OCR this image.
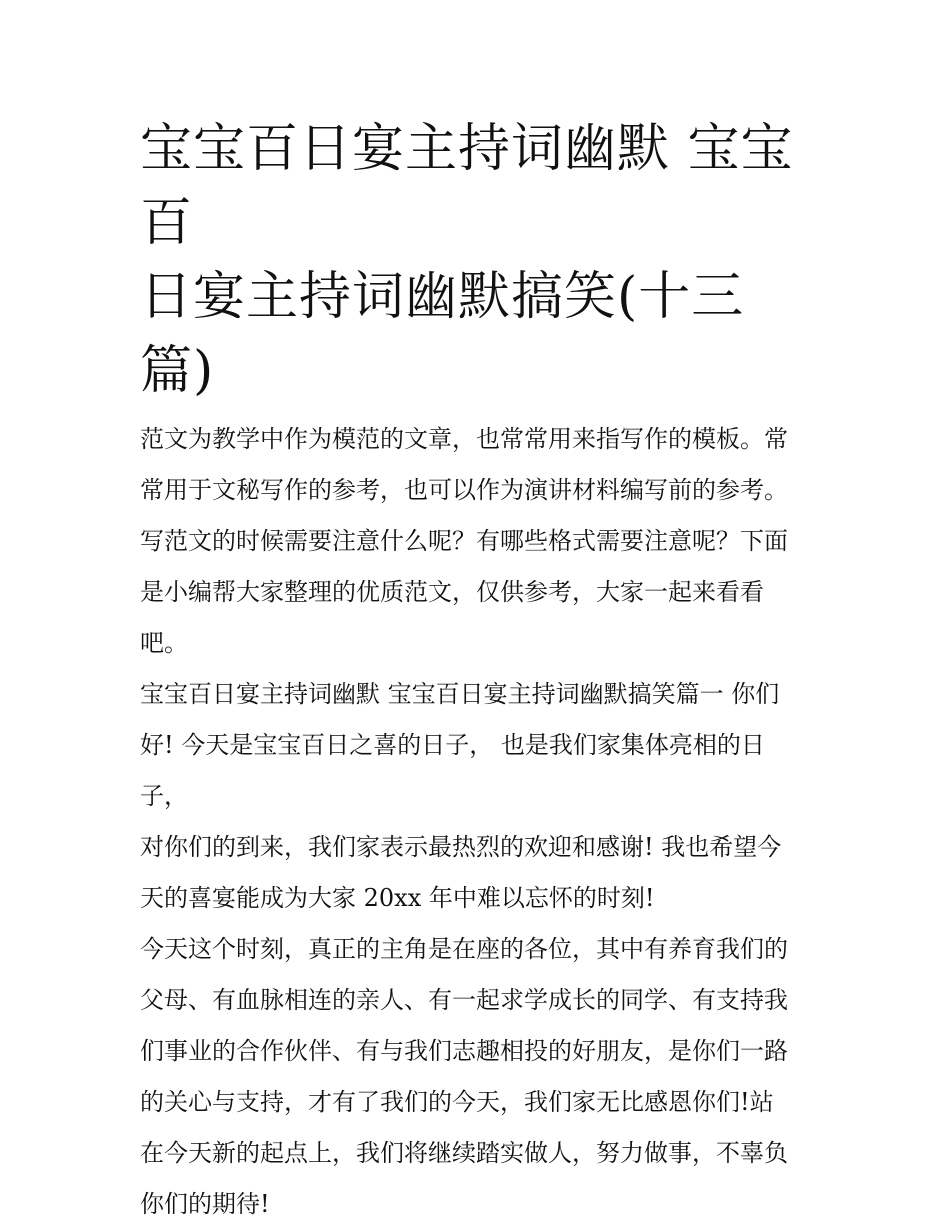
宝宝百日宴主持词幽默 宝宝百
日宴主持词幽默搞笑(十三篇)
范文为教学中作为模范的文章，也常常用来指写作的模板。常
常用于文秘写作的参考，也可以作为演讲材料编写前的参考。
写范文的时候需要注意什么呢？有哪些格式需要注意呢？下面
是小编帮大家整理的优质范文，仅供参考，大家一起来看看
吧。
宝宝百日宴主持词幽默 宝宝百日宴主持词幽默搞笑篇一 你们
好! 今天是宝宝百日之喜的日子， 也是我们家集体亮相的日
子，
对你们的到来，我们家表示最热烈的欢迎和感谢! 我也希望今
天的喜宴能成为大家 20xx 年中难以忘怀的时刻!
今天这个时刻，真正的主角是在座的各位，其中有养育我们的
父母、有血脉相连的亲人、有一起求学成长的同学、有支持我
们事业的合作伙伴、有与我们志趣相投的好朋友，是你们一路
的关心与支持，才有了我们的今天，我们家无比感恩你们!站
在今天新的起点上，我们将继续踏实做人，努力做事，不辜负
你们的期待!
